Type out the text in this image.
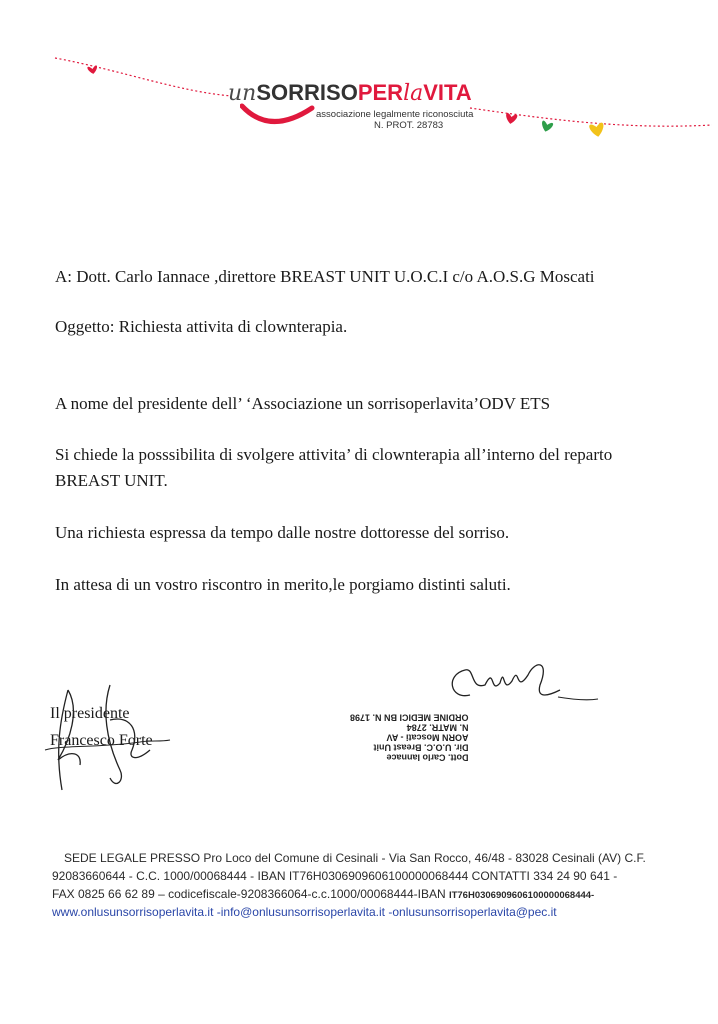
unSORRISOPERlaVITA
associazione legalmente riconosciuta
N. PROT. 28783
A: Dott. Carlo Iannace ,direttore BREAST UNIT U.O.C.I c/o A.O.S.G Moscati
Oggetto: Richiesta attivita di clownterapia.
A nome del presidente dell’ ‘Associazione un sorrisoperlavita’ODV ETS
Si chiede la posssibilita di svolgere attivita’ di clownterapia all’interno del reparto
BREAST UNIT.
Una richiesta espressa da tempo dalle nostre dottoresse del sorriso.
In attesa di un vostro riscontro in merito,le porgiamo distinti saluti.
Il presidente
Francesco Forte
Dott. Carlo Iannace
Dir. U.O.C. Breast Unit
AORN Moscati - AV
N. MATR. 2784
ORDINE MEDICI BN N. 1798
SEDE LEGALE PRESSO Pro Loco del Comune di Cesinali - Via San Rocco, 46/48 - 83028 Cesinali (AV) C.F.
92083660644 - C.C. 1000/00068444 - IBAN IT76H0306909606100000068444 CONTATTI 334 24 90 641 -
FAX 0825 66 62 89 – codicefiscale-9208366064-c.c.1000/00068444-IBAN IT76H0306909606100000068444-
www.onlusunsorrisoperlavita.it -info@onlusunsorrisoperlavita.it -onlusunsorrisoperlavita@pec.it
